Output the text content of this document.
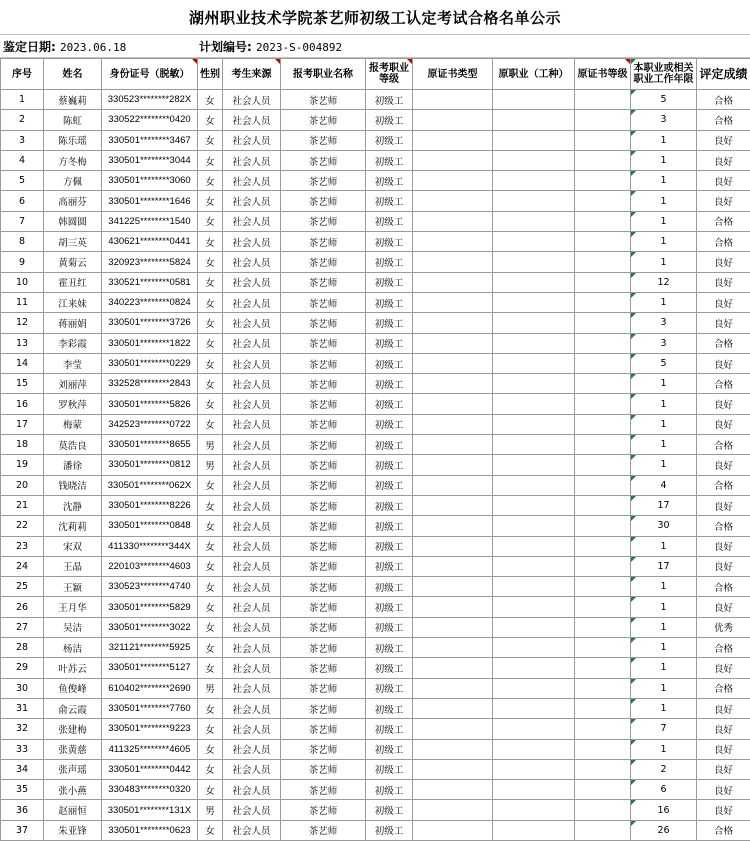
湖州职业技术学院茶艺师初级工认定考试合格名单公示
鉴定日期: 2023.06.18	计划编号: 2023-S-004892
序号	姓名	身份证号（脱敏）	性别	考生来源	报考职业名称	报考职业等级	原证书类型	原职业（工种）	原证书等级	本职业或相关职业工作年限	评定成绩
1	蔡巍莉	330523********282X	女	社会人员	茶艺师	初级工				5	合格
2	陈虹	330522********0420	女	社会人员	茶艺师	初级工				3	合格
3	陈乐瑶	330501********3467	女	社会人员	茶艺师	初级工				1	良好
4	方冬梅	330501********3044	女	社会人员	茶艺师	初级工				1	良好
5	方佩	330501********3060	女	社会人员	茶艺师	初级工				1	良好
6	高丽芬	330501********1646	女	社会人员	茶艺师	初级工				1	良好
7	韩圆圆	341225********1540	女	社会人员	茶艺师	初级工				1	合格
8	胡三英	430621********0441	女	社会人员	茶艺师	初级工				1	合格
9	黄菊云	320923********5824	女	社会人员	茶艺师	初级工				1	良好
10	霍丑红	330521********0581	女	社会人员	茶艺师	初级工				12	良好
11	江来妹	340223********0824	女	社会人员	茶艺师	初级工				1	良好
12	蒋丽娟	330501********3726	女	社会人员	茶艺师	初级工				3	良好
13	李彩霞	330501********1822	女	社会人员	茶艺师	初级工				3	合格
14	李莹	330501********0229	女	社会人员	茶艺师	初级工				5	良好
15	刘丽萍	332528********2843	女	社会人员	茶艺师	初级工				1	合格
16	罗秋萍	330501********5826	女	社会人员	茶艺师	初级工				1	良好
17	梅蒙	342523********0722	女	社会人员	茶艺师	初级工				1	良好
18	莫浩良	330501********8655	男	社会人员	茶艺师	初级工				1	合格
19	潘徐	330501********0812	男	社会人员	茶艺师	初级工				1	良好
20	钱晓洁	330501********062X	女	社会人员	茶艺师	初级工				4	合格
21	沈静	330501********8226	女	社会人员	茶艺师	初级工				17	良好
22	沈莉莉	330501********0848	女	社会人员	茶艺师	初级工				30	合格
23	宋双	411330********344X	女	社会人员	茶艺师	初级工				1	良好
24	王晶	220103********4603	女	社会人员	茶艺师	初级工				17	良好
25	王颖	330523********4740	女	社会人员	茶艺师	初级工				1	合格
26	王月华	330501********5829	女	社会人员	茶艺师	初级工				1	良好
27	吴洁	330501********3022	女	社会人员	茶艺师	初级工				1	优秀
28	杨洁	321121********5925	女	社会人员	茶艺师	初级工				1	合格
29	叶苏云	330501********5127	女	社会人员	茶艺师	初级工				1	良好
30	鱼俊峰	610402********2690	男	社会人员	茶艺师	初级工				1	合格
31	俞云霞	330501********7760	女	社会人员	茶艺师	初级工				1	良好
32	张建梅	330501********9223	女	社会人员	茶艺师	初级工				7	良好
33	张黄慈	411325********4605	女	社会人员	茶艺师	初级工				1	良好
34	张声瑶	330501********0442	女	社会人员	茶艺师	初级工				2	良好
35	张小燕	330483********0320	女	社会人员	茶艺师	初级工				6	良好
36	赵丽恒	330501********131X	男	社会人员	茶艺师	初级工				16	良好
37	朱亚锋	330501********0623	女	社会人员	茶艺师	初级工				26	合格
